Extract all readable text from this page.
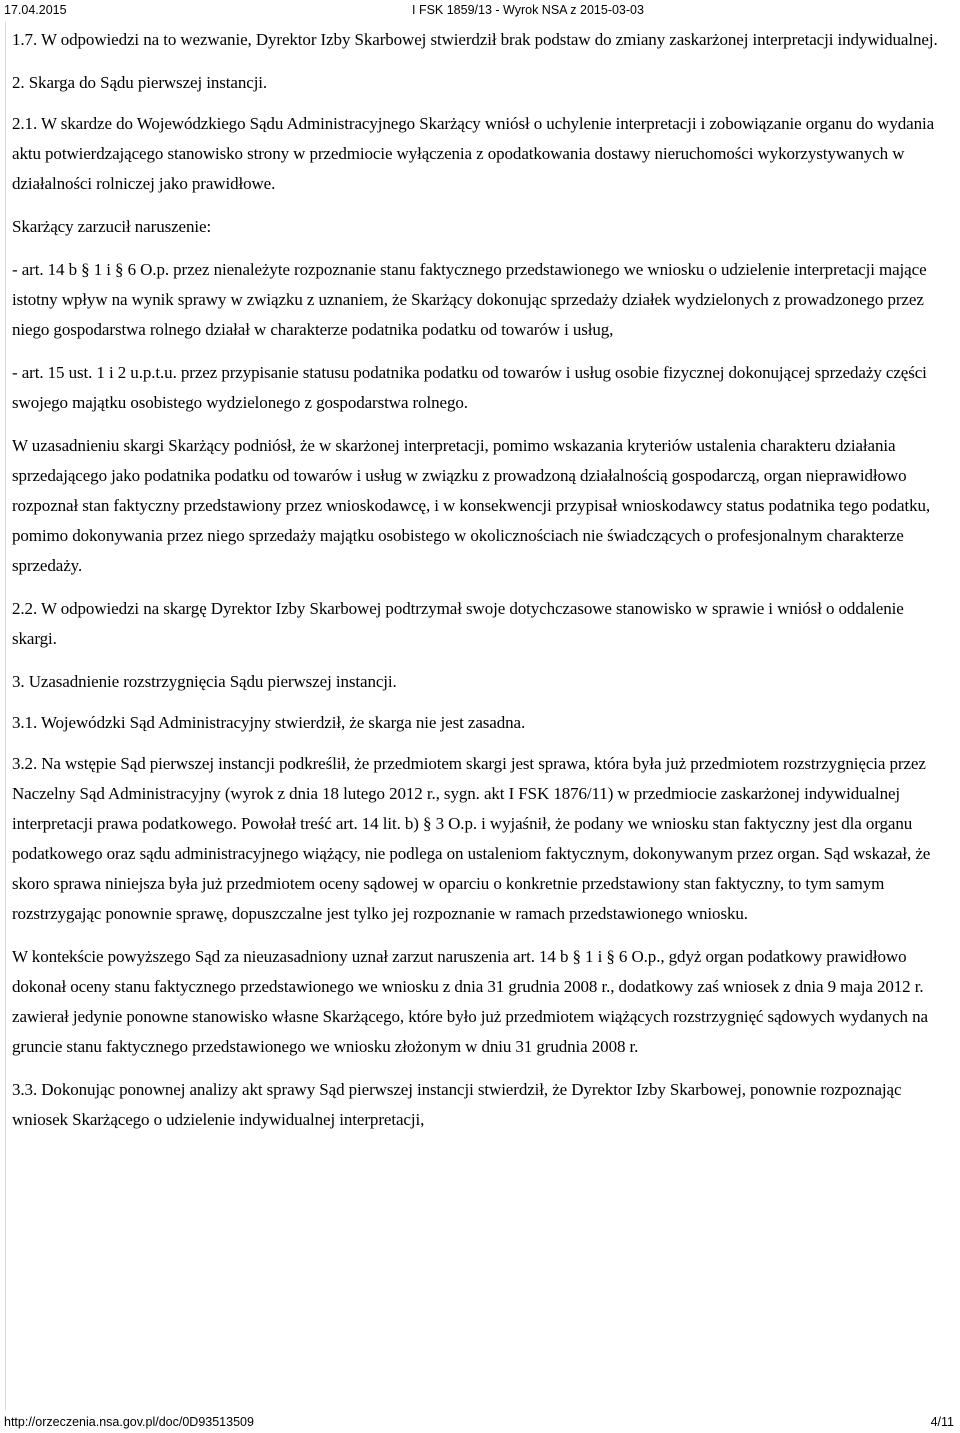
17.04.2015	I FSK 1859/13 - Wyrok NSA z 2015-03-03

1.7. W odpowiedzi na to wezwanie, Dyrektor Izby Skarbowej stwierdził brak podstaw do zmiany zaskarżonej interpretacji indywidualnej.

2. Skarga do Sądu pierwszej instancji.

2.1. W skardze do Wojewódzkiego Sądu Administracyjnego Skarżący wniósł o uchylenie interpretacji i zobowiązanie organu do wydania aktu potwierdzającego stanowisko strony w przedmiocie wyłączenia z opodatkowania dostawy nieruchomości wykorzystywanych w działalności rolniczej jako prawidłowe.

Skarżący zarzucił naruszenie:

- art. 14 b § 1 i § 6 O.p. przez nienależyte rozpoznanie stanu faktycznego przedstawionego we wniosku o udzielenie interpretacji mające istotny wpływ na wynik sprawy w związku z uznaniem, że Skarżący dokonując sprzedaży działek wydzielonych z prowadzonego przez niego gospodarstwa rolnego działał w charakterze podatnika podatku od towarów i usług,

- art. 15 ust. 1 i 2 u.p.t.u. przez przypisanie statusu podatnika podatku od towarów i usług osobie fizycznej dokonującej sprzedaży części swojego majątku osobistego wydzielonego z gospodarstwa rolnego.

W uzasadnieniu skargi Skarżący podniósł, że w skarżonej interpretacji, pomimo wskazania kryteriów ustalenia charakteru działania sprzedającego jako podatnika podatku od towarów i usług w związku z prowadzoną działalnością gospodarczą, organ nieprawidłowo rozpoznał stan faktyczny przedstawiony przez wnioskodawcę, i w konsekwencji przypisał wnioskodawcy status podatnika tego podatku, pomimo dokonywania przez niego sprzedaży majątku osobistego w okolicznościach nie świadczących o profesjonalnym charakterze sprzedaży.

2.2. W odpowiedzi na skargę Dyrektor Izby Skarbowej podtrzymał swoje dotychczasowe stanowisko w sprawie i wniósł o oddalenie skargi.

3. Uzasadnienie rozstrzygnięcia Sądu pierwszej instancji.

3.1. Wojewódzki Sąd Administracyjny stwierdził, że skarga nie jest zasadna.

3.2. Na wstępie Sąd pierwszej instancji podkreślił, że przedmiotem skargi jest sprawa, która była już przedmiotem rozstrzygnięcia przez Naczelny Sąd Administracyjny (wyrok z dnia 18 lutego 2012 r., sygn. akt I FSK 1876/11) w przedmiocie zaskarżonej indywidualnej interpretacji prawa podatkowego. Powołał treść art. 14 lit. b) § 3 O.p. i wyjaśnił, że podany we wniosku stan faktyczny jest dla organu podatkowego oraz sądu administracyjnego wiążący, nie podlega on ustaleniom faktycznym, dokonywanym przez organ. Sąd wskazał, że skoro sprawa niniejsza była już przedmiotem oceny sądowej w oparciu o konkretnie przedstawiony stan faktyczny, to tym samym rozstrzygając ponownie sprawę, dopuszczalne jest tylko jej rozpoznanie w ramach przedstawionego wniosku.

W kontekście powyższego Sąd za nieuzasadniony uznał zarzut naruszenia art. 14 b § 1 i § 6 O.p., gdyż organ podatkowy prawidłowo dokonał oceny stanu faktycznego przedstawionego we wniosku z dnia 31 grudnia 2008 r., dodatkowy zaś wniosek z dnia 9 maja 2012 r. zawierał jedynie ponowne stanowisko własne Skarżącego, które było już przedmiotem wiążących rozstrzygnięć sądowych wydanych na gruncie stanu faktycznego przedstawionego we wniosku złożonym w dniu 31 grudnia 2008 r.

3.3. Dokonując ponownej analizy akt sprawy Sąd pierwszej instancji stwierdził, że Dyrektor Izby Skarbowej, ponownie rozpoznając wniosek Skarżącego o udzielenie indywidualnej interpretacji,

http://orzeczenia.nsa.gov.pl/doc/0D93513509	4/11
